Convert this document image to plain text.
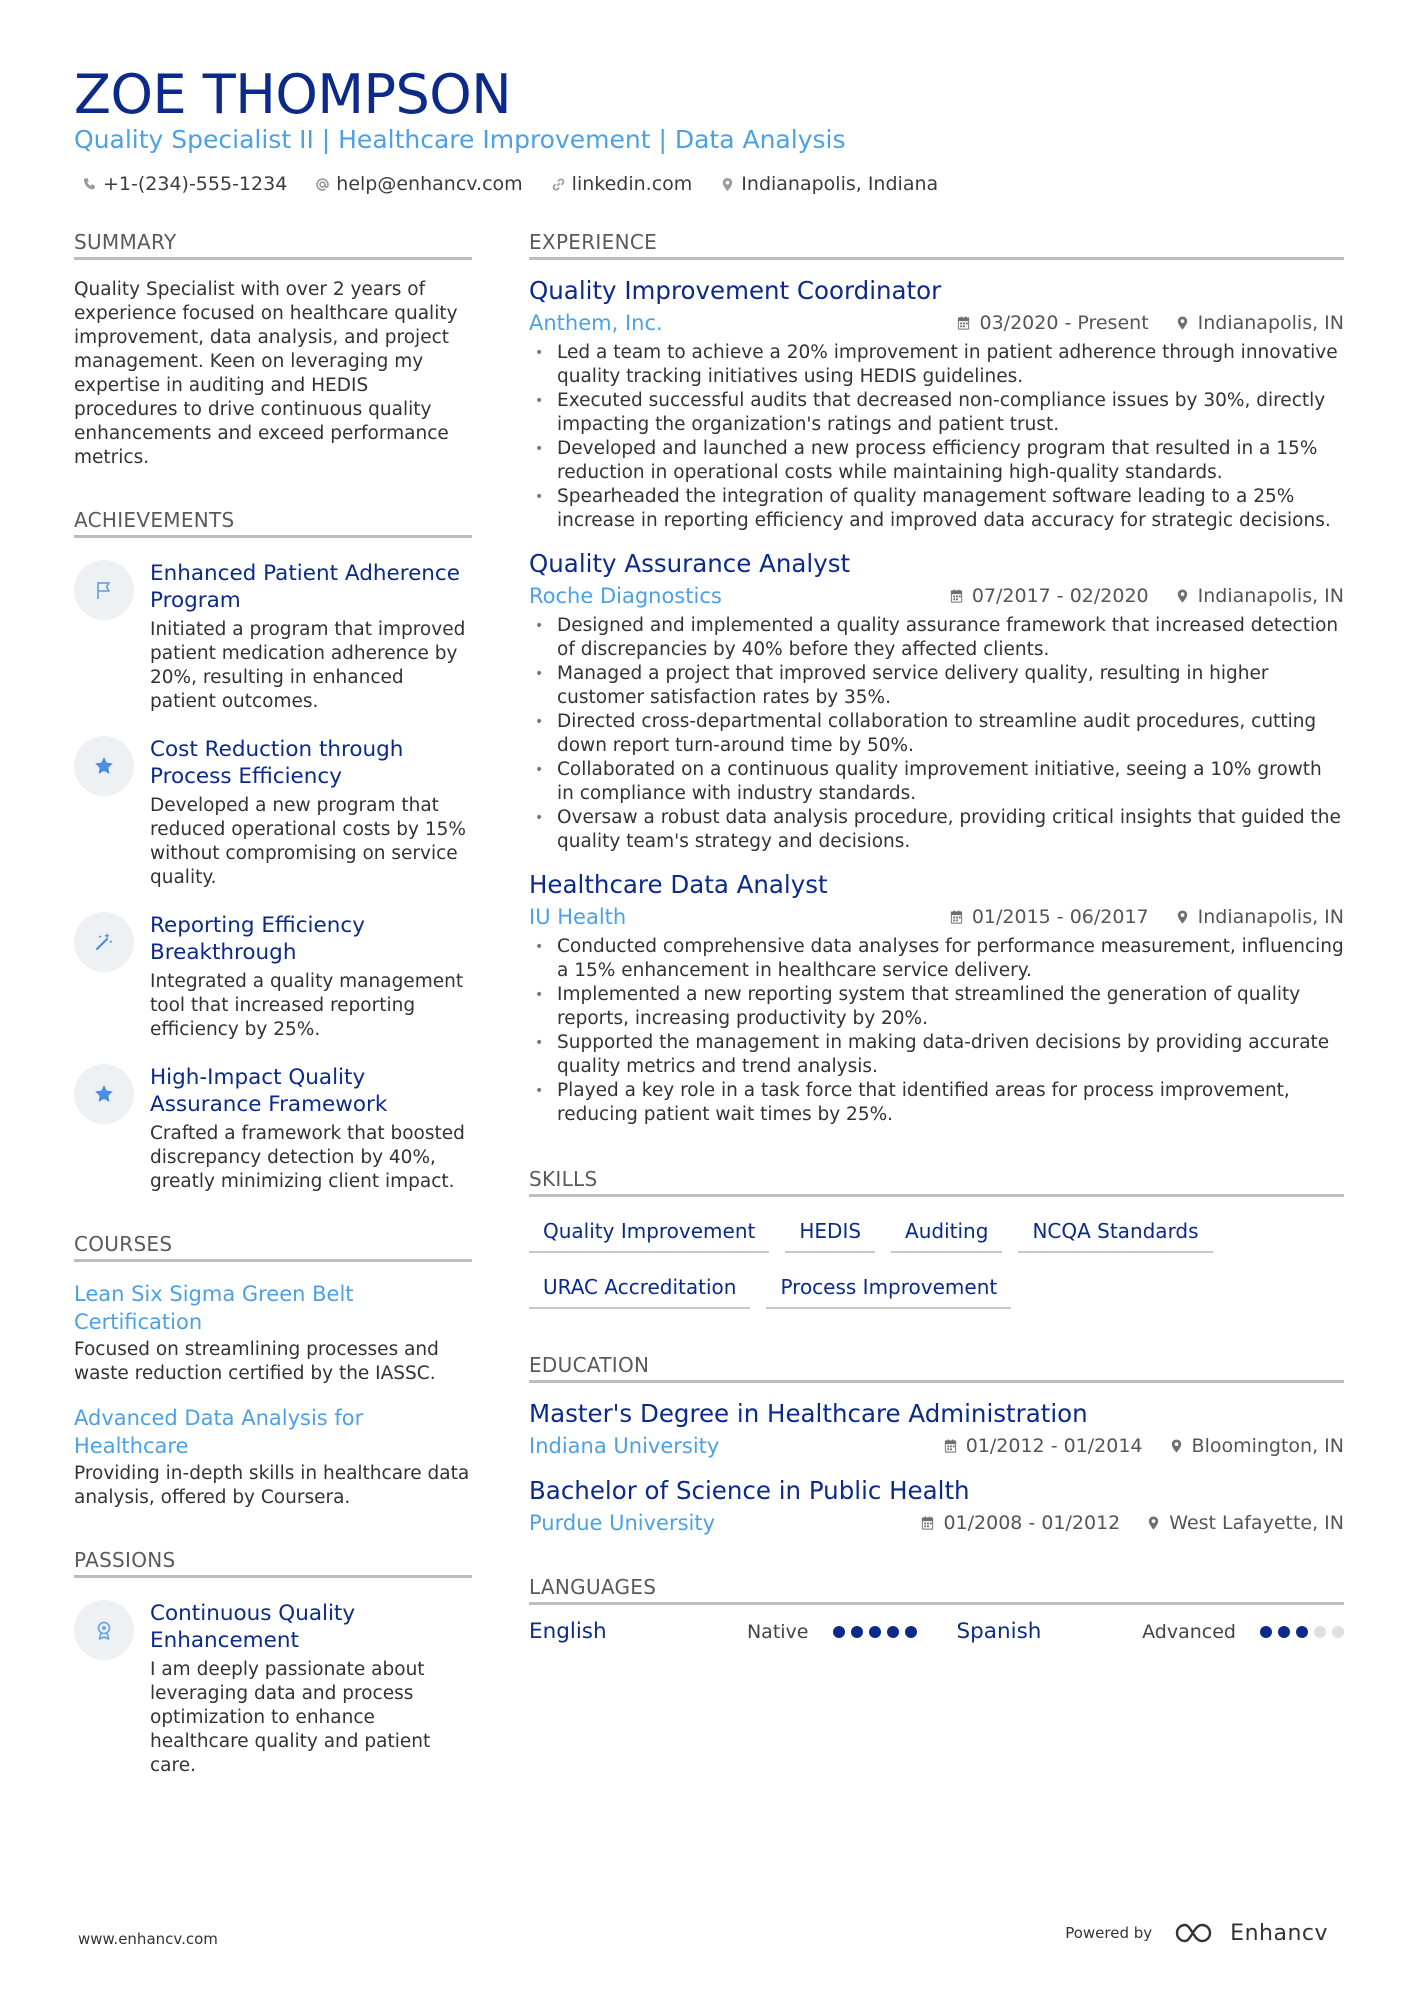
ZOE THOMPSON
Quality Specialist II | Healthcare Improvement | Data Analysis
+1-(234)-555-1234	help@enhancv.com	linkedin.com	Indianapolis, Indiana
SUMMARY
Quality Specialist with over 2 years of experience focused on healthcare quality improvement, data analysis, and project management. Keen on leveraging my expertise in auditing and HEDIS procedures to drive continuous quality enhancements and exceed performance metrics.
ACHIEVEMENTS
Enhanced Patient Adherence Program
Initiated a program that improved patient medication adherence by 20%, resulting in enhanced patient outcomes.
Cost Reduction through Process Efficiency
Developed a new program that reduced operational costs by 15% without compromising on service quality.
Reporting Efficiency Breakthrough
Integrated a quality management tool that increased reporting efficiency by 25%.
High-Impact Quality Assurance Framework
Crafted a framework that boosted discrepancy detection by 40%, greatly minimizing client impact.
COURSES
Lean Six Sigma Green Belt Certification
Focused on streamlining processes and waste reduction certified by the IASSC.
Advanced Data Analysis for Healthcare
Providing in-depth skills in healthcare data analysis, offered by Coursera.
PASSIONS
Continuous Quality Enhancement
I am deeply passionate about leveraging data and process optimization to enhance healthcare quality and patient care.
EXPERIENCE
Quality Improvement Coordinator
Anthem, Inc.	03/2020 - Present	Indianapolis, IN
• Led a team to achieve a 20% improvement in patient adherence through innovative quality tracking initiatives using HEDIS guidelines.
• Executed successful audits that decreased non-compliance issues by 30%, directly impacting the organization's ratings and patient trust.
• Developed and launched a new process efficiency program that resulted in a 15% reduction in operational costs while maintaining high-quality standards.
• Spearheaded the integration of quality management software leading to a 25% increase in reporting efficiency and improved data accuracy for strategic decisions.
Quality Assurance Analyst
Roche Diagnostics	07/2017 - 02/2020	Indianapolis, IN
• Designed and implemented a quality assurance framework that increased detection of discrepancies by 40% before they affected clients.
• Managed a project that improved service delivery quality, resulting in higher customer satisfaction rates by 35%.
• Directed cross-departmental collaboration to streamline audit procedures, cutting down report turn-around time by 50%.
• Collaborated on a continuous quality improvement initiative, seeing a 10% growth in compliance with industry standards.
• Oversaw a robust data analysis procedure, providing critical insights that guided the quality team's strategy and decisions.
Healthcare Data Analyst
IU Health	01/2015 - 06/2017	Indianapolis, IN
• Conducted comprehensive data analyses for performance measurement, influencing a 15% enhancement in healthcare service delivery.
• Implemented a new reporting system that streamlined the generation of quality reports, increasing productivity by 20%.
• Supported the management in making data-driven decisions by providing accurate quality metrics and trend analysis.
• Played a key role in a task force that identified areas for process improvement, reducing patient wait times by 25%.
SKILLS
Quality Improvement	HEDIS	Auditing	NCQA Standards
URAC Accreditation	Process Improvement
EDUCATION
Master's Degree in Healthcare Administration
Indiana University	01/2012 - 01/2014	Bloomington, IN
Bachelor of Science in Public Health
Purdue University	01/2008 - 01/2012	West Lafayette, IN
LANGUAGES
English	Native	Spanish	Advanced
www.enhancv.com	Powered by	Enhancv
